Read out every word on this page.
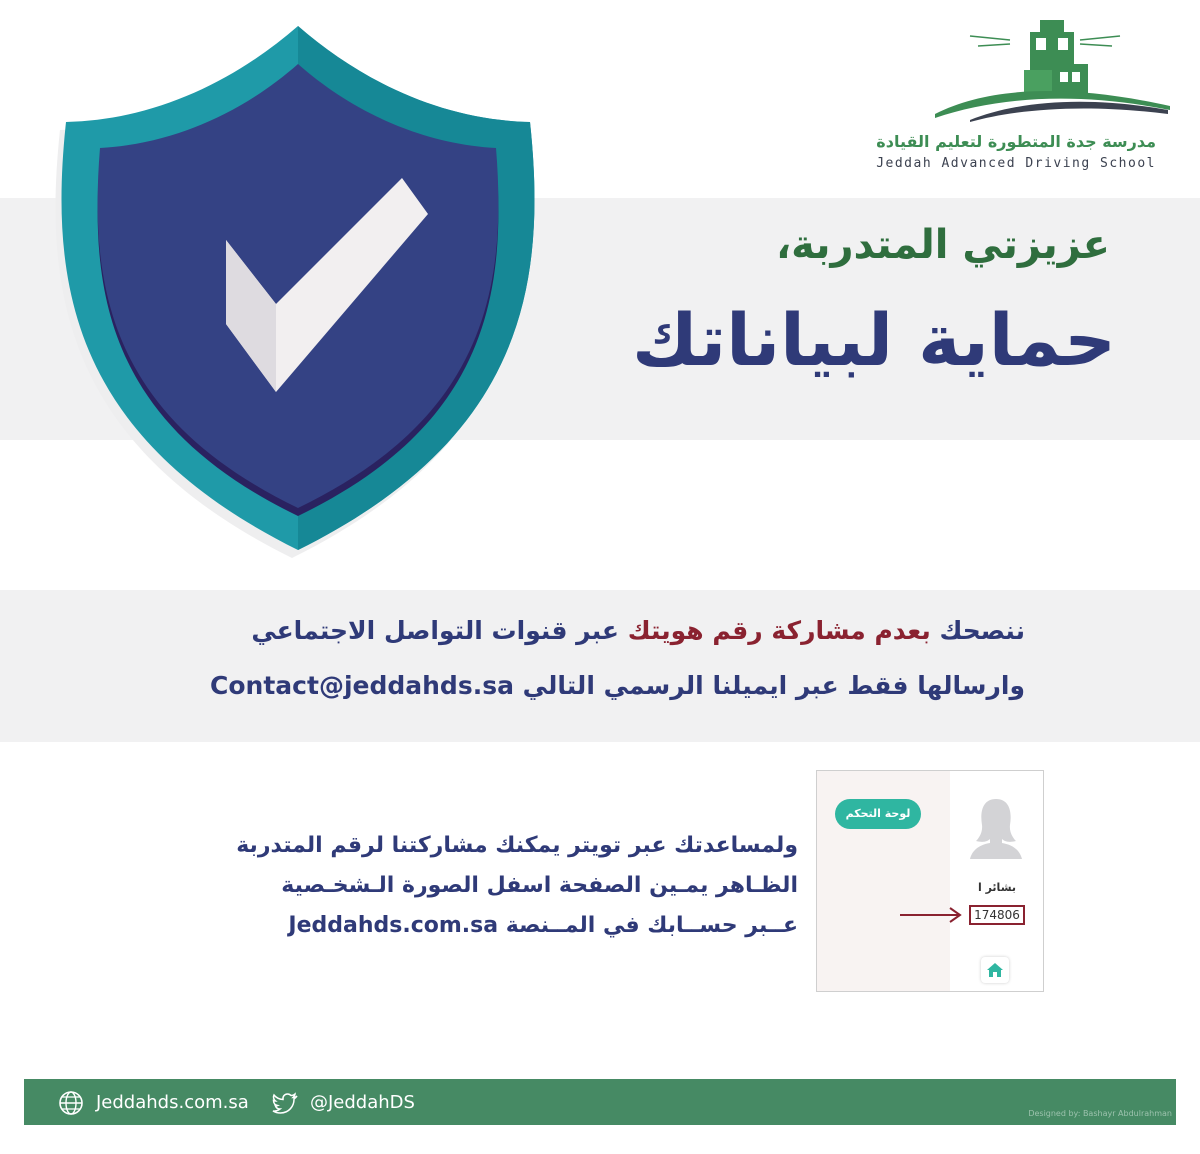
مدرسة جدة المتطورة لتعليم القيادة
Jeddah Advanced Driving School
عزيزتي المتدربة،
حماية لبياناتك
ننصحك بعدم مشاركة رقم هويتك عبر قنوات التواصل الاجتماعي
وارسالها فقط عبر ايميلنا الرسمي التالي Contact@jeddahds.sa
ولمساعدتك عبر تويتر يمكنك مشاركتنا لرقم المتدربة
الظـاهر يمـين الصفحة اسفل الصورة الـشخـصية
عــبر حســابك في المــنصة Jeddahds.com.sa
لوحة التحكم
بشائر ا
174806
Jeddahds.com.sa	@JeddahDS
Designed by: Bashayr Abdulrahman
